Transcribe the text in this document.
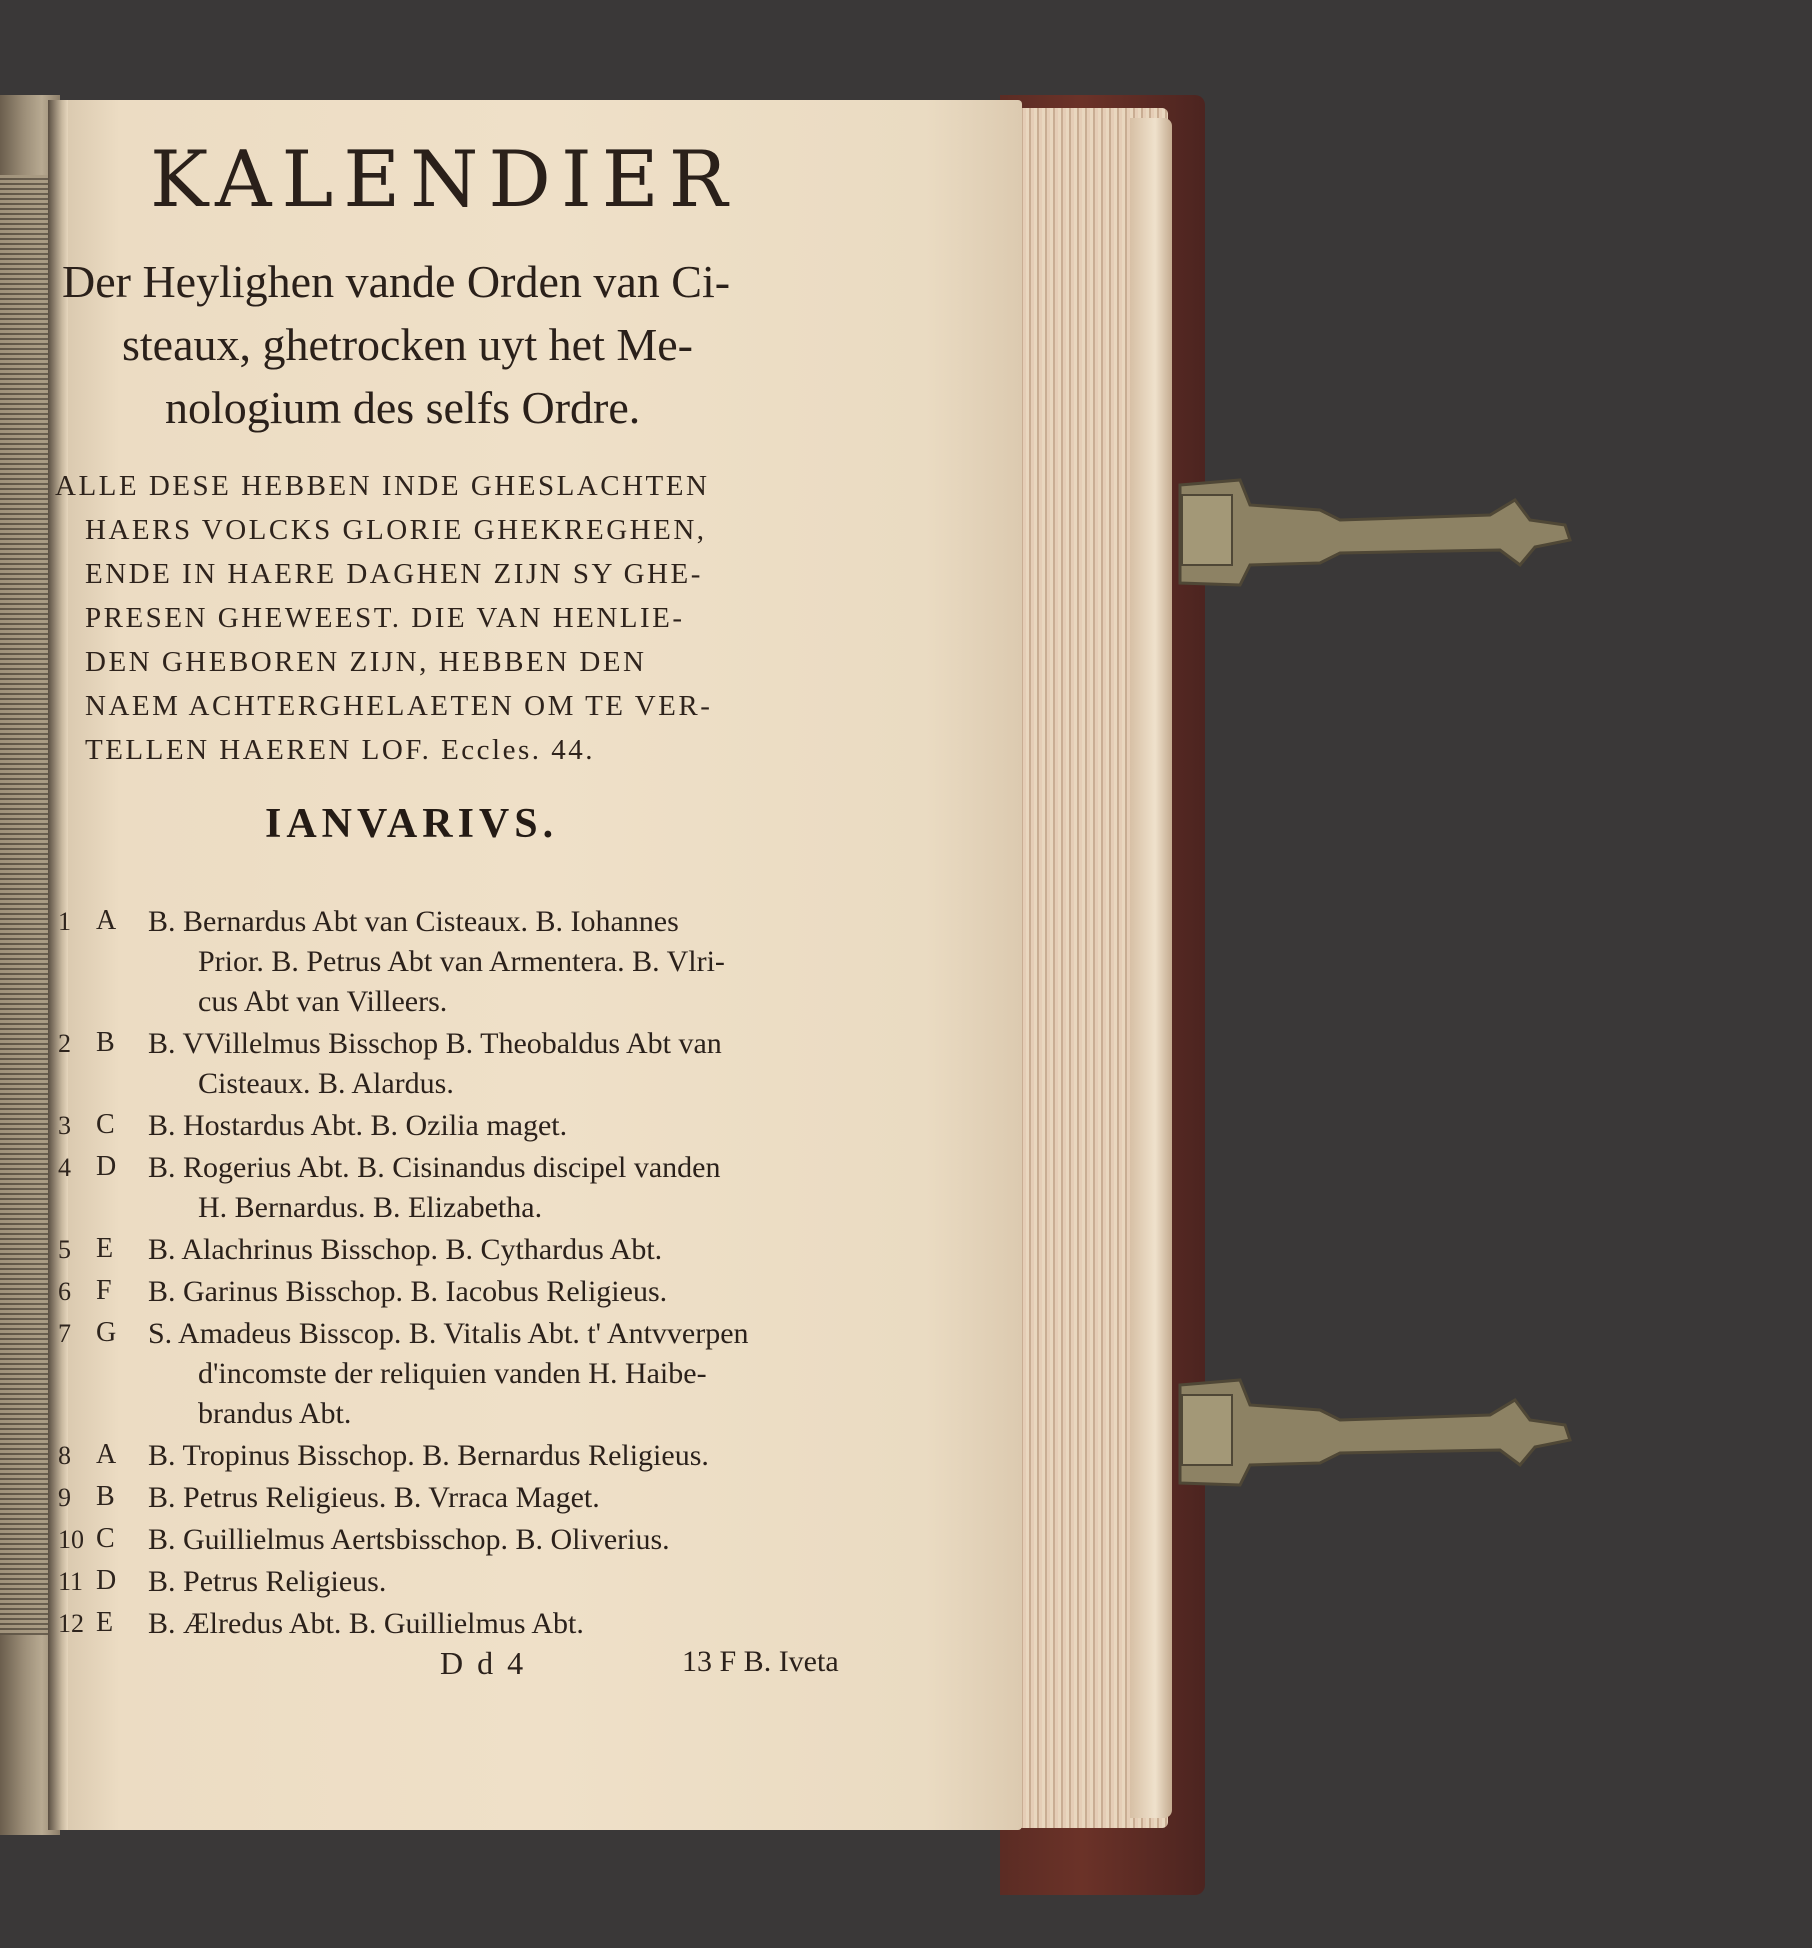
KALENDIER
Der Heylighen vande Orden van Ci-
steaux, ghetrocken uyt het Me-
nologium des selfs Ordre.
ALLE DESE HEBBEN INDE GHESLACHTEN
HAERS VOLCKS GLORIE GHEKREGHEN,
ENDE IN HAERE DAGHEN ZIJN SY GHE-
PRESEN GHEWEEST. DIE VAN HENLIE-
DEN GHEBOREN ZIJN, HEBBEN DEN
NAEM ACHTERGHELAETEN OM TE VER-
TELLEN HAEREN LOF. Eccles. 44.
IANVARIVS.
1 A B. Bernardus Abt van Cisteaux. B. Iohannes
Prior. B. Petrus Abt van Armentera. B. Vlri-
cus Abt van Villeers.
2 B B. VVillelmus Bisschop B. Theobaldus Abt van
Cisteaux. B. Alardus.
3 C B. Hostardus Abt. B. Ozilia maget.
4 D B. Rogerius Abt. B. Cisinandus discipel vanden
H. Bernardus. B. Elizabetha.
5 E B. Alachrinus Bisschop. B. Cythardus Abt.
6 F B. Garinus Bisschop. B. Iacobus Religieus.
7 G S. Amadeus Bisscop. B. Vitalis Abt. t' Antvverpen
d'incomste der reliquien vanden H. Haibe-
brandus Abt.
8 A B. Tropinus Bisschop. B. Bernardus Religieus.
9 B B. Petrus Religieus. B. Vrraca Maget.
10 C B. Guillielmus Aertsbisschop. B. Oliverius.
11 D B. Petrus Religieus.
12 E B. Ælredus Abt. B. Guillielmus Abt.
D d 4	13 F B. Iveta
